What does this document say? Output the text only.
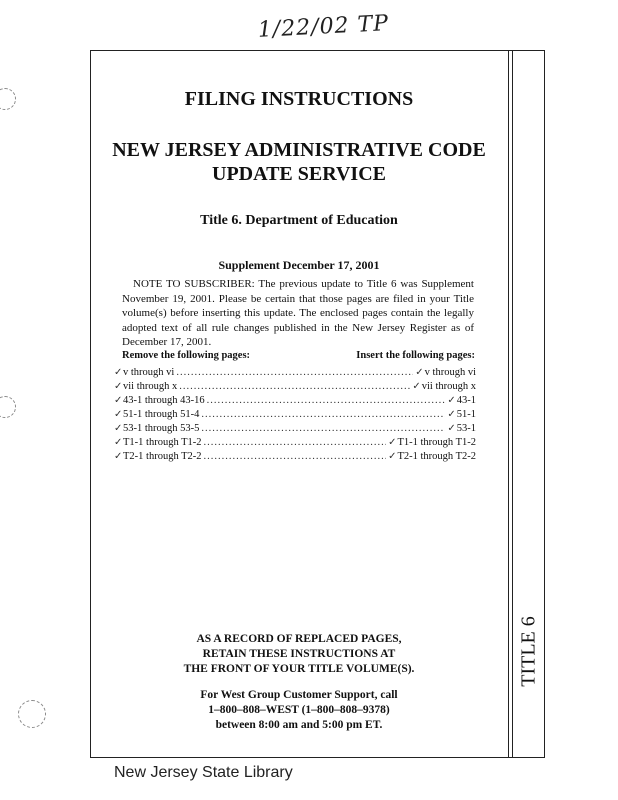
1/22/02 TP
TITLE 6
FILING INSTRUCTIONS
NEW JERSEY ADMINISTRATIVE CODE
UPDATE SERVICE
Title 6. Department of Education
Supplement December 17, 2001
NOTE TO SUBSCRIBER: The previous update to Title 6 was Supplement November 19, 2001. Please be certain that those pages are filed in your Title volume(s) before inserting this update. The enclosed pages contain the legally adopted text of all rule changes published in the New Jersey Register as of December 17, 2001.
Remove the following pages:	Insert the following pages:
✓ v through vi .....	✓ v through vi
✓ vii through x .....	✓ vii through x
✓ 43-1 through 43-16 .....	✓ 43-1
✓ 51-1 through 51-4 .....	✓ 51-1
✓ 53-1 through 53-5 .....	✓ 53-1
✓ T1-1 through T1-2 .....	✓ T1-1 through T1-2
✓ T2-1 through T2-2 .....	✓ T2-1 through T2-2
AS A RECORD OF REPLACED PAGES,
RETAIN THESE INSTRUCTIONS AT
THE FRONT OF YOUR TITLE VOLUME(S).
For West Group Customer Support, call
1–800–808–WEST (1–800–808–9378)
between 8:00 am and 5:00 pm ET.
New Jersey State Library
